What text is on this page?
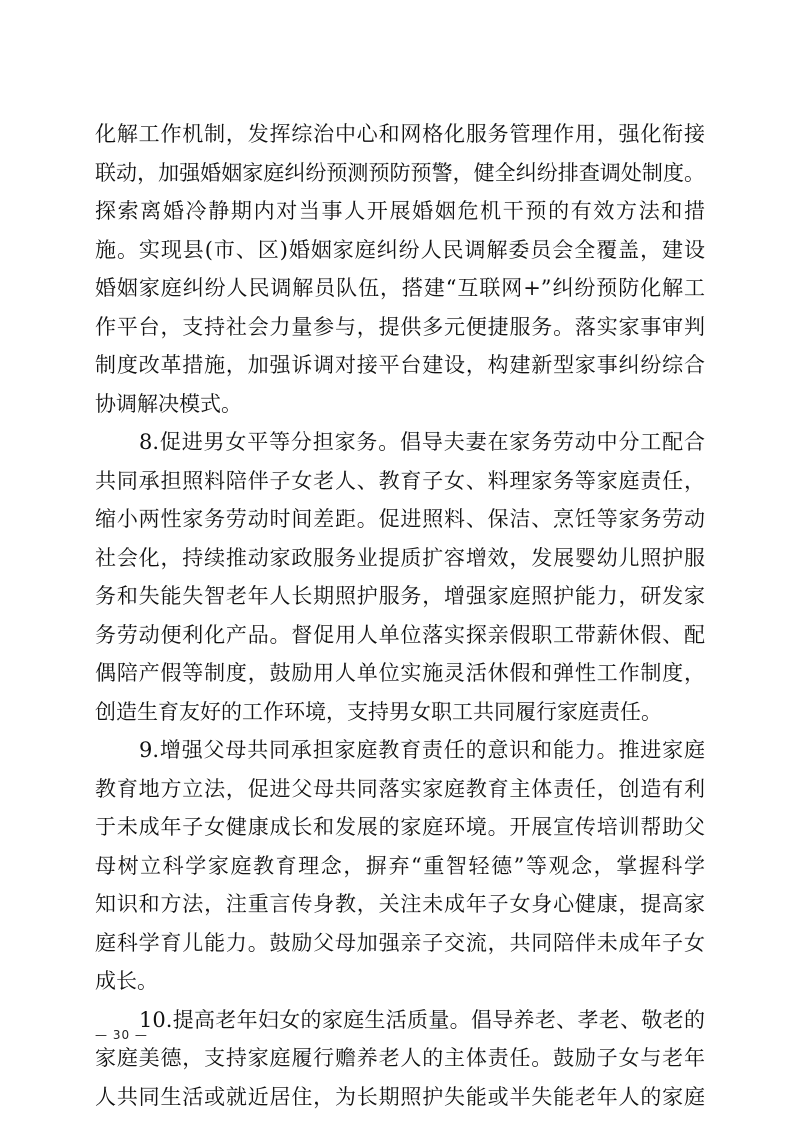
化解工作机制，发挥综治中心和网格化服务管理作用，强化衔接
联动，加强婚姻家庭纠纷预测预防预警，健全纠纷排查调处制度。
探索离婚冷静期内对当事人开展婚姻危机干预的有效方法和措
施。实现县(市、区)婚姻家庭纠纷人民调解委员会全覆盖，建设
婚姻家庭纠纷人民调解员队伍，搭建“互联网+”纠纷预防化解工
作平台，支持社会力量参与，提供多元便捷服务。落实家事审判
制度改革措施，加强诉调对接平台建设，构建新型家事纠纷综合
协调解决模式。
8.促进男女平等分担家务。倡导夫妻在家务劳动中分工配合
共同承担照料陪伴子女老人、教育子女、料理家务等家庭责任，
缩小两性家务劳动时间差距。促进照料、保洁、烹饪等家务劳动
社会化，持续推动家政服务业提质扩容增效，发展婴幼儿照护服
务和失能失智老年人长期照护服务，增强家庭照护能力，研发家
务劳动便利化产品。督促用人单位落实探亲假职工带薪休假、配
偶陪产假等制度，鼓励用人单位实施灵活休假和弹性工作制度，
创造生育友好的工作环境，支持男女职工共同履行家庭责任。
9.增强父母共同承担家庭教育责任的意识和能力。推进家庭
教育地方立法，促进父母共同落实家庭教育主体责任，创造有利
于未成年子女健康成长和发展的家庭环境。开展宣传培训帮助父
母树立科学家庭教育理念，摒弃“重智轻德”等观念，掌握科学
知识和方法，注重言传身教，关注未成年子女身心健康，提高家
庭科学育儿能力。鼓励父母加强亲子交流，共同陪伴未成年子女
成长。
10.提高老年妇女的家庭生活质量。倡导养老、孝老、敬老的
家庭美德，支持家庭履行赡养老人的主体责任。鼓励子女与老年
人共同生活或就近居住，为长期照护失能或半失能老年人的家庭
— 30 —
